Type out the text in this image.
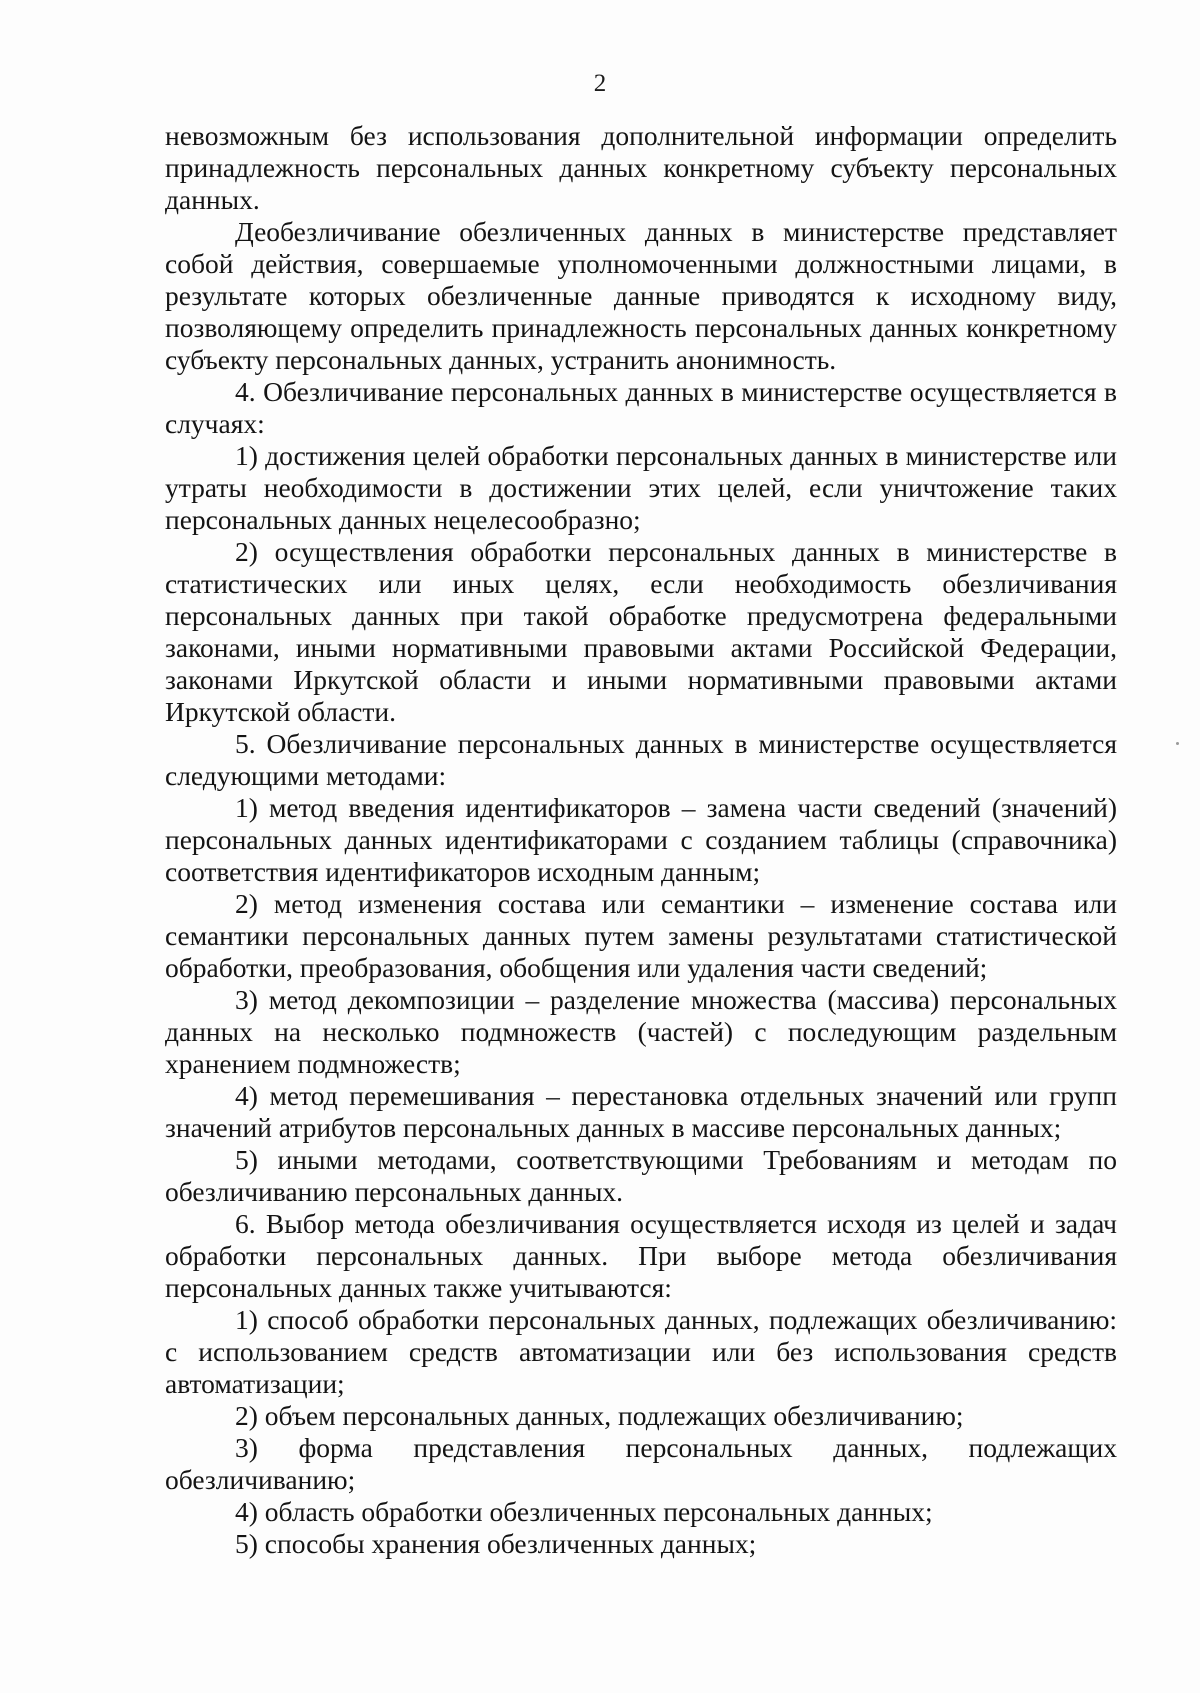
2

невозможным без использования дополнительной информации определить принадлежность персональных данных конкретному субъекту персональных данных.

Деобезличивание обезличенных данных в министерстве представляет собой действия, совершаемые уполномоченными должностными лицами, в результате которых обезличенные данные приводятся к исходному виду, позволяющему определить принадлежность персональных данных конкретному субъекту персональных данных, устранить анонимность.

4. Обезличивание персональных данных в министерстве осуществляется в случаях:

1) достижения целей обработки персональных данных в министерстве или утраты необходимости в достижении этих целей, если уничтожение таких персональных данных нецелесообразно;

2) осуществления обработки персональных данных в министерстве в статистических или иных целях, если необходимость обезличивания персональных данных при такой обработке предусмотрена федеральными законами, иными нормативными правовыми актами Российской Федерации, законами Иркутской области и иными нормативными правовыми актами Иркутской области.

5. Обезличивание персональных данных в министерстве осуществляется следующими методами:

1) метод введения идентификаторов – замена части сведений (значений) персональных данных идентификаторами с созданием таблицы (справочника) соответствия идентификаторов исходным данным;

2) метод изменения состава или семантики – изменение состава или семантики персональных данных путем замены результатами статистической обработки, преобразования, обобщения или удаления части сведений;

3) метод декомпозиции – разделение множества (массива) персональных данных на несколько подмножеств (частей) с последующим раздельным хранением подмножеств;

4) метод перемешивания – перестановка отдельных значений или групп значений атрибутов персональных данных в массиве персональных данных;

5) иными методами, соответствующими Требованиям и методам по обезличиванию персональных данных.

6. Выбор метода обезличивания осуществляется исходя из целей и задач обработки персональных данных. При выборе метода обезличивания персональных данных также учитываются:

1) способ обработки персональных данных, подлежащих обезличиванию: с использованием средств автоматизации или без использования средств автоматизации;

2) объем персональных данных, подлежащих обезличиванию;

3) форма представления персональных данных, подлежащих обезличиванию;

4) область обработки обезличенных персональных данных;

5) способы хранения обезличенных данных;
